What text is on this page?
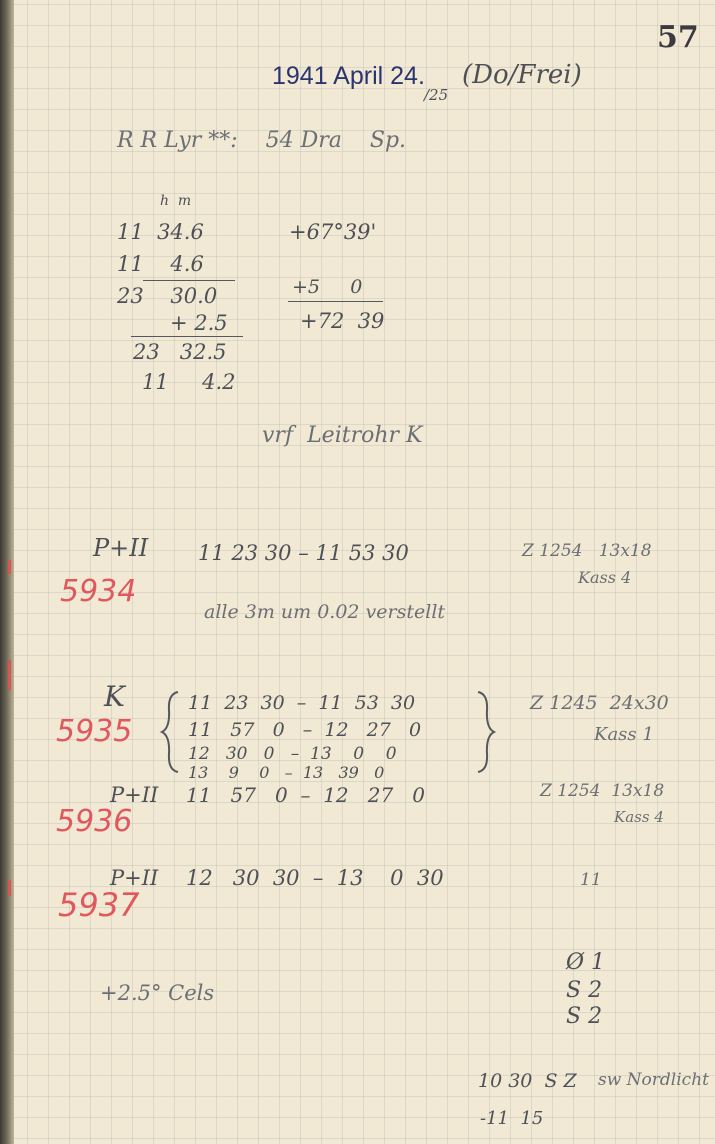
57
1941 April 24.
/25
(Do/Frei)
R R Lyr **:    54 Dra    Sp.
h  m
11  34.6
11    4.6
23    30.0
+ 2.5
23   32.5
11     4.2
+67°39'
+5     0
+72  39
vrf  Leitrohr K
P+II 11 23 30 – 11 53 30	Z 1254   13x18
Kass 4
5934
alle 3m um 0.02 verstellt
K
5935
11  23  30  –  11  53  30
11   57   0   –  12   27   0
12   30   0   –  13    0    0
13    9    0   –  13   39   0
Z 1245  24x30
Kass 1
P+II 11   57   0  –  12   27   0	Z 1254  13x18
Kass 4
5936
P+II 12   30  30  –  13    0  30	11
5937
+2.5° Cels
Ø 1
S 2
S 2
10 30  S Z sw Nordlicht
-11  15
